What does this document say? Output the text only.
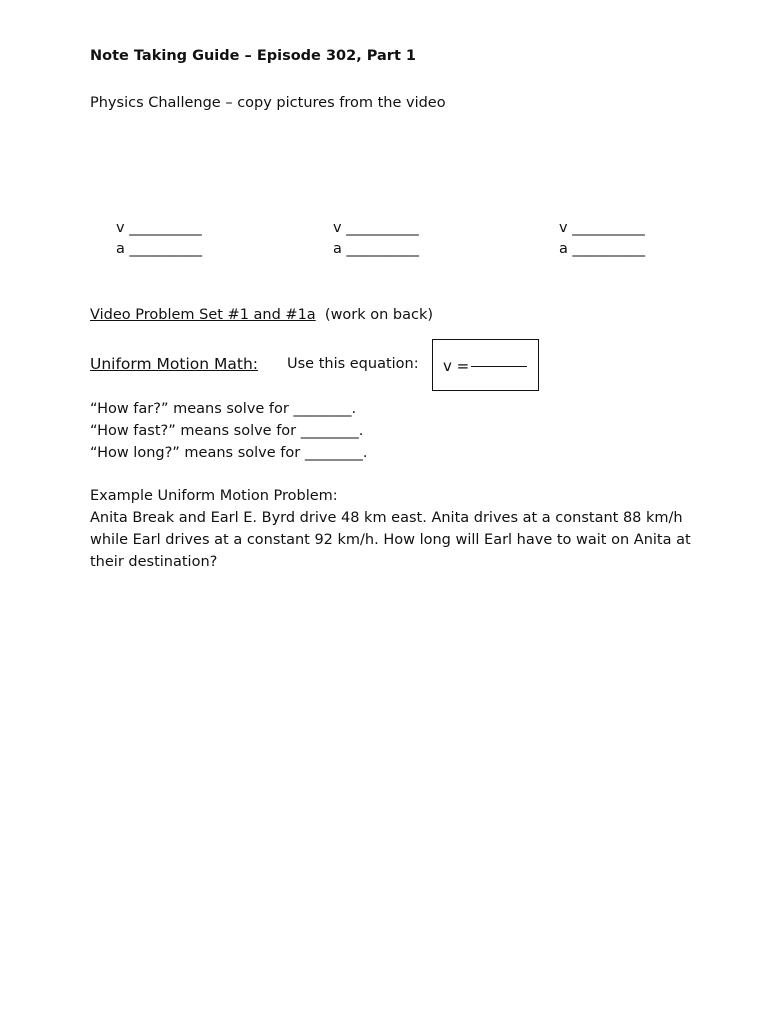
Note Taking Guide – Episode 302, Part 1
Physics Challenge – copy pictures from the video
v __________
a __________
v __________
a __________
v __________
a __________
Video Problem Set #1 and #1a (work on back)
Uniform Motion Math: Use this equation: v =
“How far?” means solve for ________.
“How fast?” means solve for ________.
“How long?” means solve for ________.
Example Uniform Motion Problem:
Anita Break and Earl E. Byrd drive 48 km east. Anita drives at a constant 88 km/h
while Earl drives at a constant 92 km/h. How long will Earl have to wait on Anita at
their destination?
